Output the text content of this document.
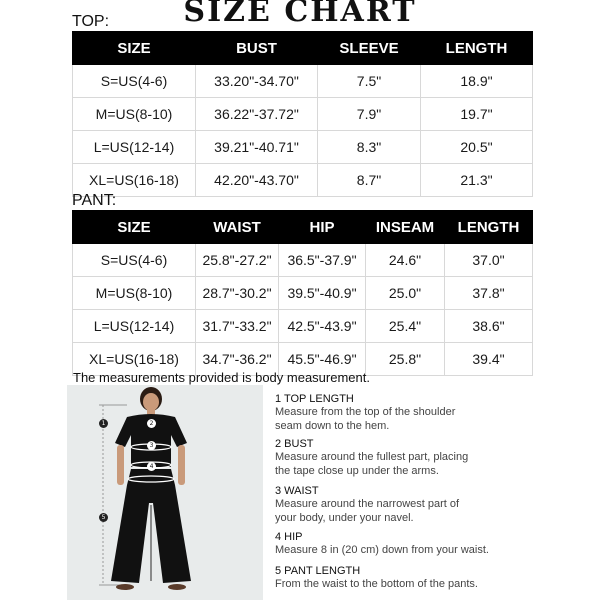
SIZE CHART
TOP:
SIZE	BUST	SLEEVE	LENGTH
S=US(4-6)	33.20"-34.70"	7.5"	18.9"
M=US(8-10)	36.22"-37.72"	7.9"	19.7"
L=US(12-14)	39.21"-40.71"	8.3"	20.5"
XL=US(16-18)	42.20"-43.70"	8.7"	21.3"
PANT:
SIZE	WAIST	HIP	INSEAM	LENGTH
S=US(4-6)	25.8"-27.2"	36.5"-37.9"	24.6"	37.0"
M=US(8-10)	28.7"-30.2"	39.5"-40.9"	25.0"	37.8"
L=US(12-14)	31.7"-33.2"	42.5"-43.9"	25.4"	38.6"
XL=US(16-18)	34.7"-36.2"	45.5"-46.9"	25.8"	39.4"
The measurements provided is body measurement.
1	2
3
4
5
1 TOP LENGTH
Measure from the top of the shoulder
seam down to the hem.
2 BUST
Measure around the fullest part, placing
the tape close up under the arms.
3 WAIST
Measure around the narrowest part of
your body, under your navel.
4 HIP
Measure 8 in (20 cm) down from your waist.
5 PANT LENGTH
From the waist to the bottom of the pants.
